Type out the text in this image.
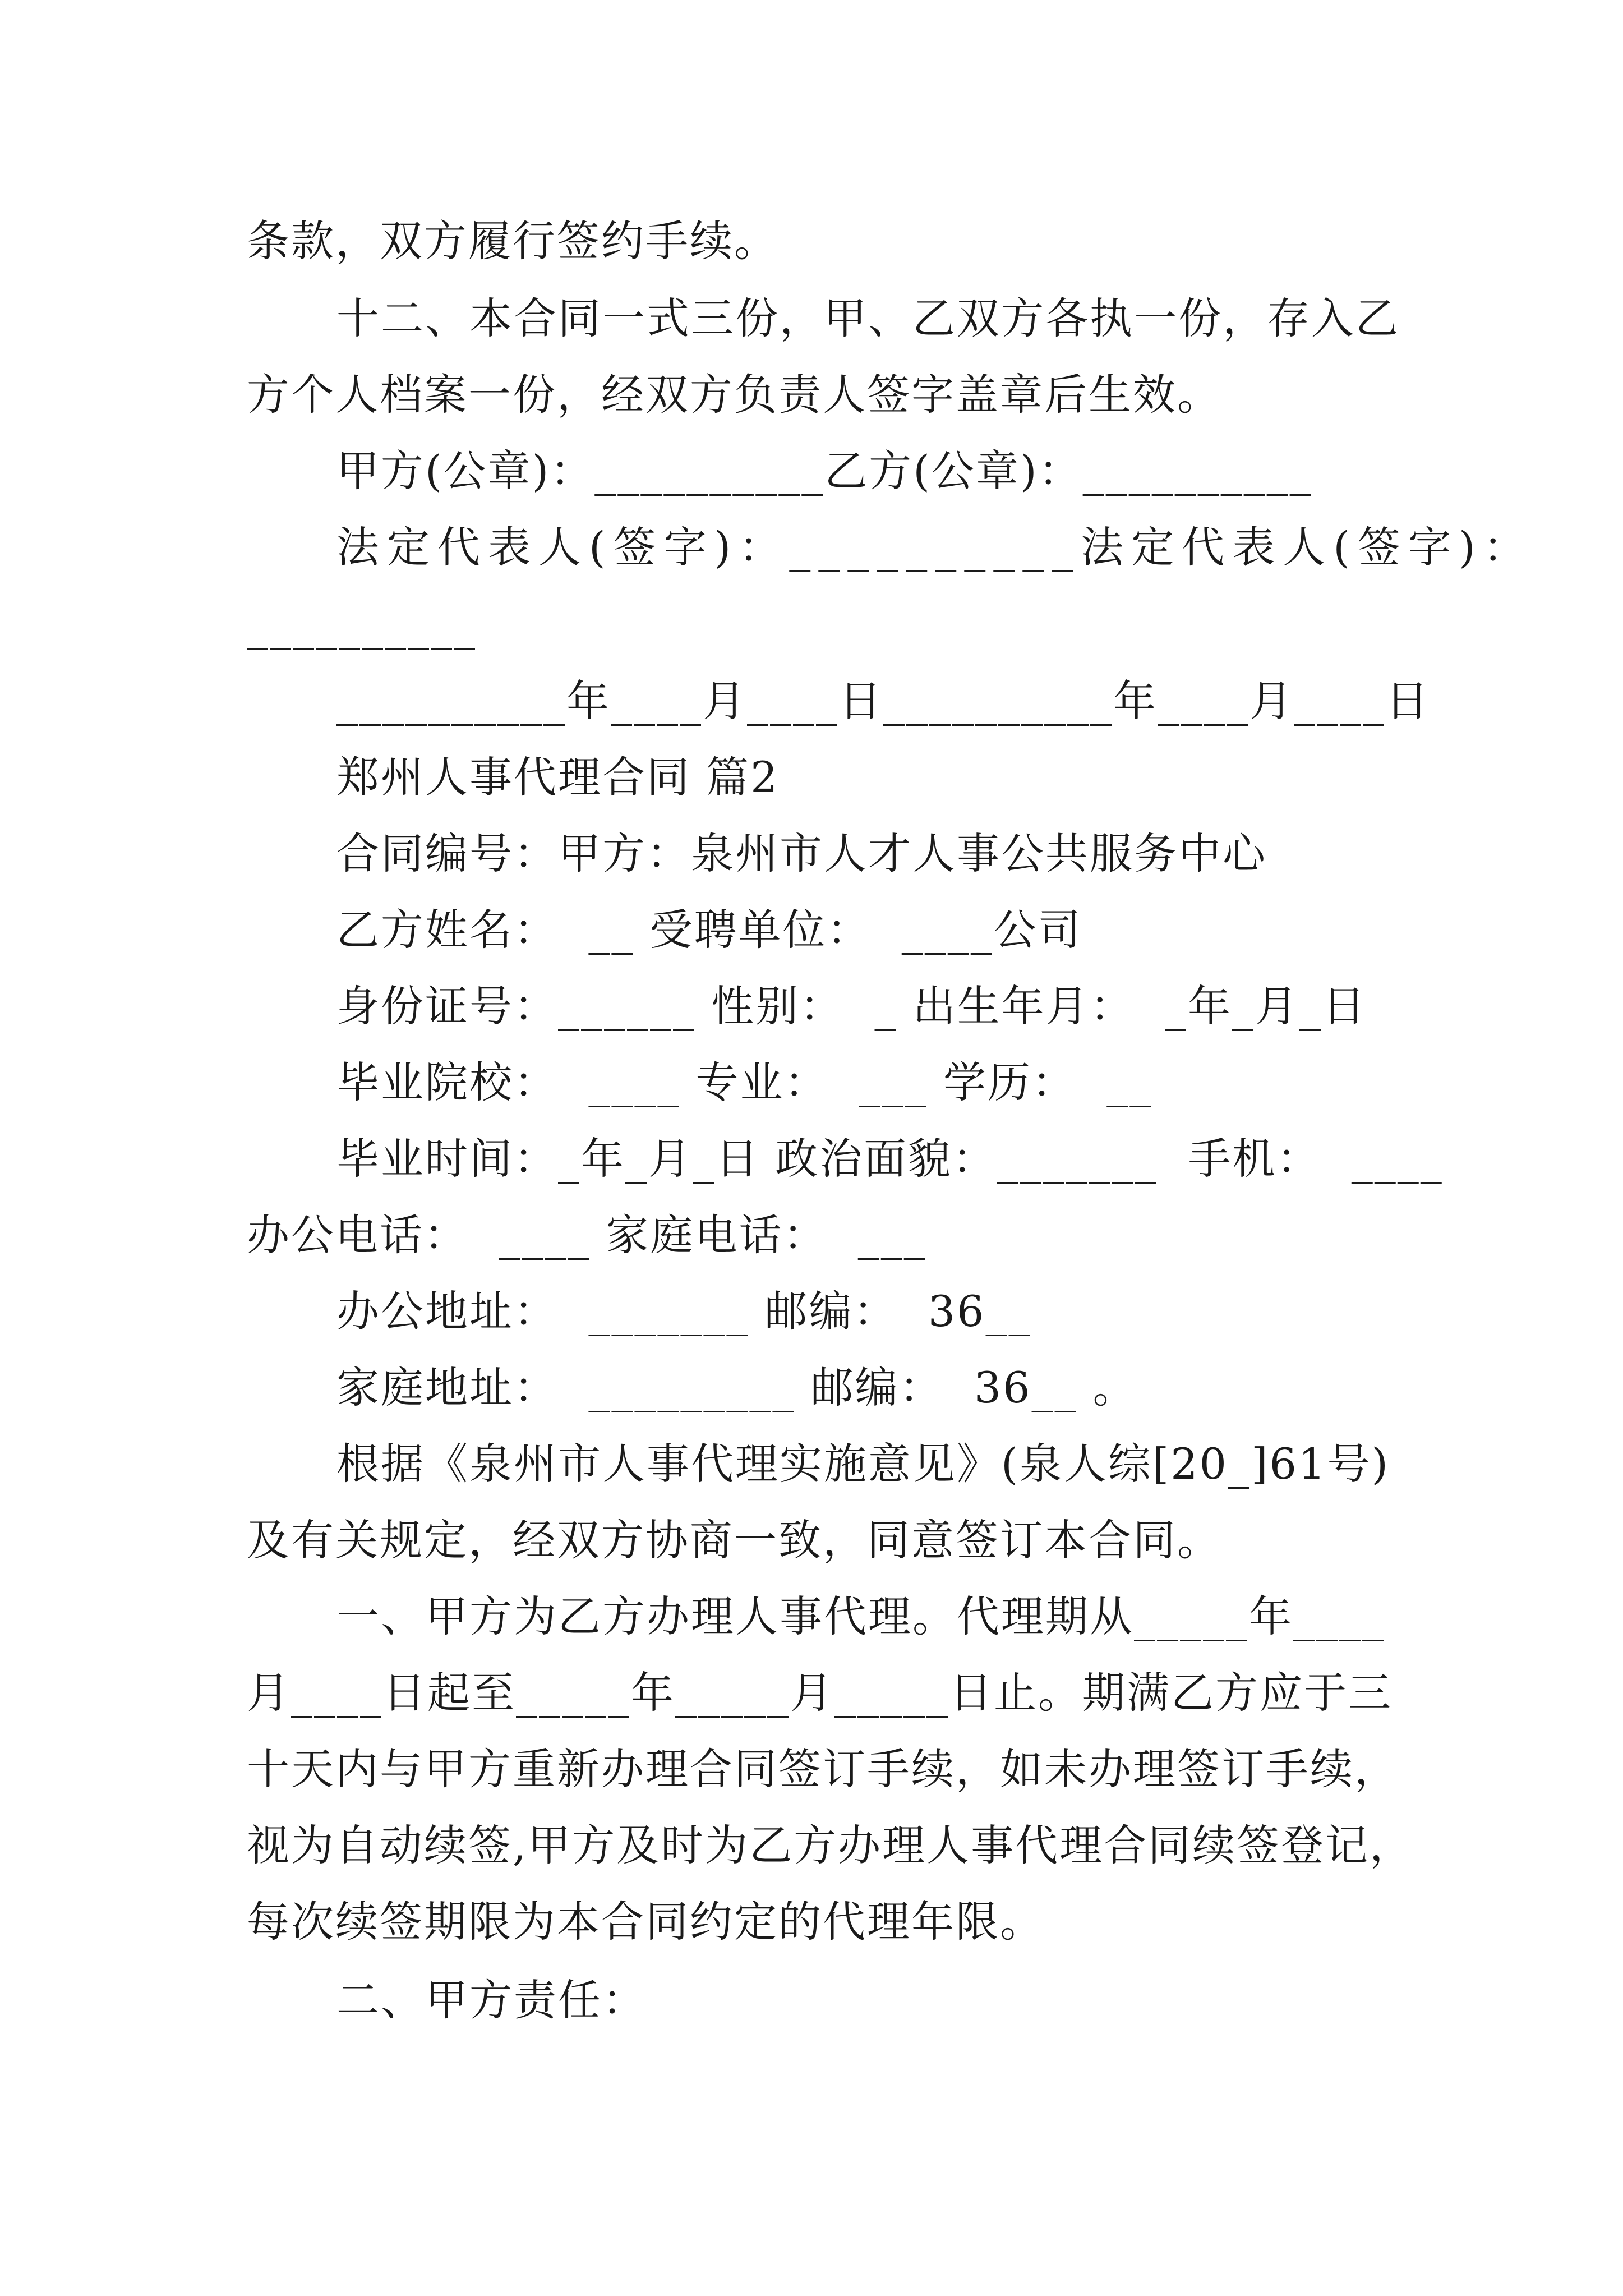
条款，双方履行签约手续。
十二、本合同一式三份，甲、乙双方各执一份，存入乙
方个人档案一份，经双方负责人签字盖章后生效。
甲方(公章)：__________乙方(公章)：__________
法定代表人(签字)：__________法定代表人(签字)：
__________
__________年____月____日__________年____月____日
郑州人事代理合同 篇2
合同编号：甲方：泉州市人才人事公共服务中心
乙方姓名：  __ 受聘单位：  ____公司
身份证号：______ 性别：  _ 出生年月：  _年_月_日
毕业院校：  ____ 专业：  ___ 学历：  __
毕业时间：_年_月_日 政治面貌：_______  手机：  ____
办公电话：  ____ 家庭电话：  ___
办公地址：  _______ 邮编：  36__
家庭地址：  _________ 邮编：  36__ 。
根据《泉州市人事代理实施意见》(泉人综[20_]61号)
及有关规定，经双方协商一致，同意签订本合同。
一、甲方为乙方办理人事代理。代理期从_____年____
月____日起至_____年_____月_____日止。期满乙方应于三
十天内与甲方重新办理合同签订手续，如未办理签订手续，
视为自动续签,甲方及时为乙方办理人事代理合同续签登记，
每次续签期限为本合同约定的代理年限。
二、甲方责任：
